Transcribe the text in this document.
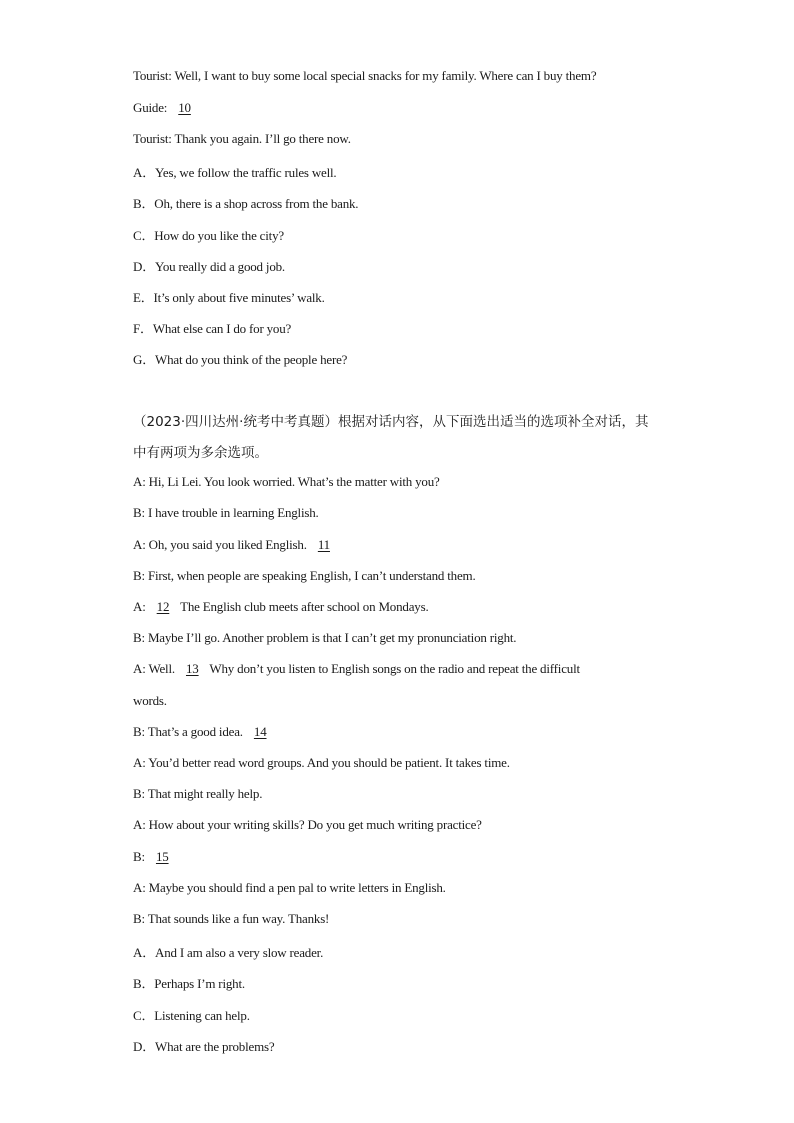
Tourist: Well, I want to buy some local special snacks for my family. Where can I buy them?
Guide: 10
Tourist: Thank you again. I’ll go there now.
A．Yes, we follow the traffic rules well.
B．Oh, there is a shop across from the bank.
C．How do you like the city?
D．You really did a good job.
E．It’s only about five minutes’ walk.
F．What else can I do for you?
G．What do you think of the people here?
（2023·四川达州·统考中考真题）根据对话内容，从下面选出适当的选项补全对话，其
中有两项为多余选项。
A: Hi, Li Lei. You look worried. What’s the matter with you?
B: I have trouble in learning English.
A: Oh, you said you liked English. 11
B: First, when people are speaking English, I can’t understand them.
A: 12 The English club meets after school on Mondays.
B: Maybe I’ll go. Another problem is that I can’t get my pronunciation right.
A: Well. 13 Why don’t you listen to English songs on the radio and repeat the difficult
words.
B: That’s a good idea. 14
A: You’d better read word groups. And you should be patient. It takes time.
B: That might really help.
A: How about your writing skills? Do you get much writing practice?
B: 15
A: Maybe you should find a pen pal to write letters in English.
B: That sounds like a fun way. Thanks!
A．And I am also a very slow reader.
B．Perhaps I’m right.
C．Listening can help.
D．What are the problems?
